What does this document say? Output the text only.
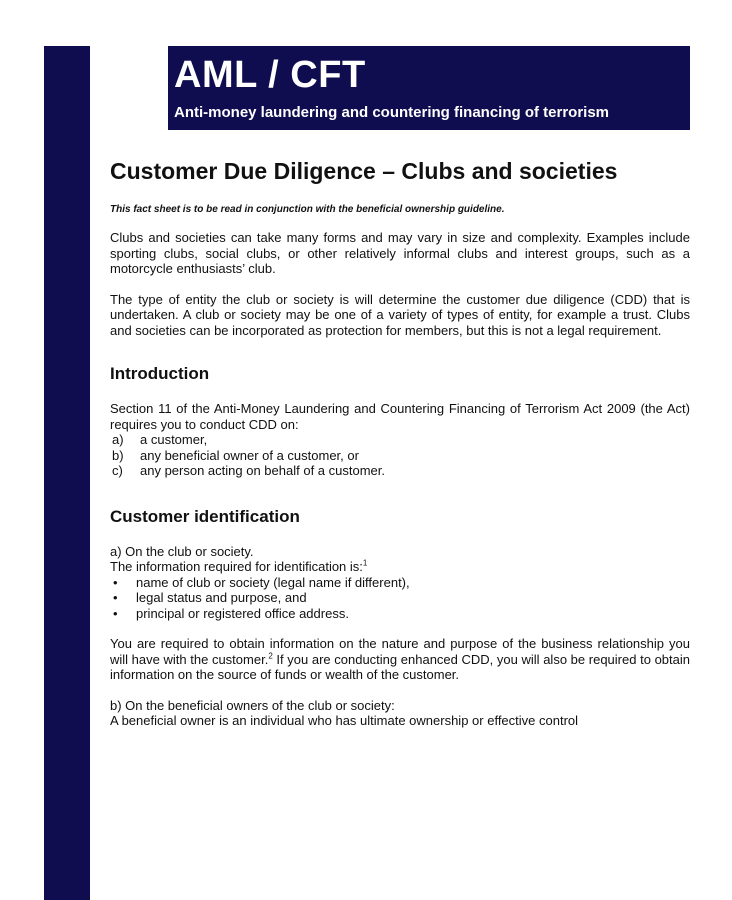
AML / CFT
Anti-money laundering and countering financing of terrorism
Customer Due Diligence – Clubs and societies

This fact sheet is to be read in conjunction with the beneficial ownership guideline.

Clubs and societies can take many forms and may vary in size and complexity. Examples include sporting clubs, social clubs, or other relatively informal clubs and interest groups, such as a motorcycle enthusiasts’ club.

The type of entity the club or society is will determine the customer due diligence (CDD) that is undertaken. A club or society may be one of a variety of types of entity, for example a trust. Clubs and societies can be incorporated as protection for members, but this is not a legal requirement.

Introduction

Section 11 of the Anti-Money Laundering and Countering Financing of Terrorism Act 2009 (the Act) requires you to conduct CDD on:

a)	a customer,
b)	any beneficial owner of a customer, or
c)	any person acting on behalf of a customer.
Customer identification

a) On the club or society.
The information required for identification is:$^1$

•	name of club or society (legal name if different),
•	legal status and purpose, and
•	principal or registered office address.

You are required to obtain information on the nature and purpose of the business relationship you will have with the customer.$^2$ If you are conducting enhanced CDD, you will also be required to obtain information on the source of funds or wealth of the customer.

b) On the beneficial owners of the club or society:

A beneficial owner is an individual who has ultimate ownership or effective control
